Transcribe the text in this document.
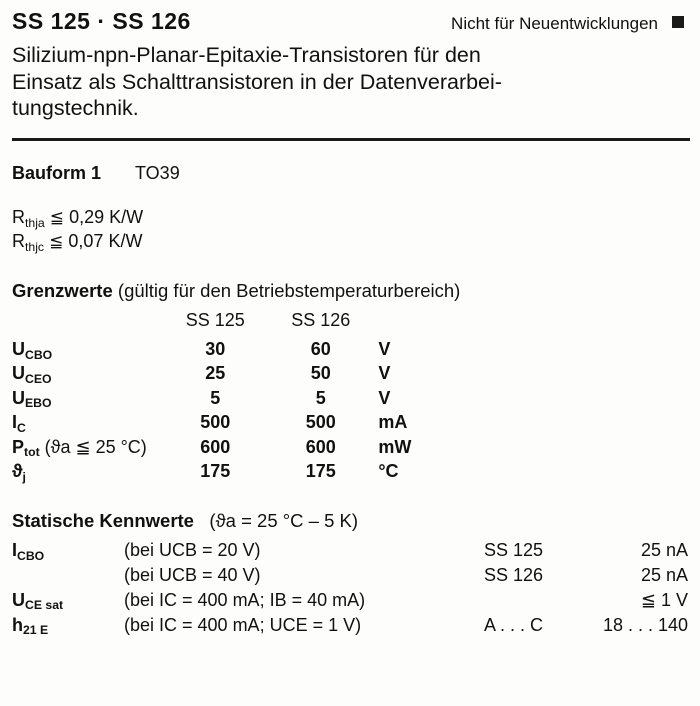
SS 125 · SS 126	Nicht für Neuentwicklungen
Silizium-npn-Planar-Epitaxie-Transistoren für den
Einsatz als Schalttransistoren in der Datenverarbei-
tungstechnik.
Bauform 1 TO39
$R_{thja}$ ≦ 0,29 K/W
$R_{thjc}$ ≦ 0,07 K/W
Grenzwerte (gültig für den Betriebstemperaturbereich)
	SS 125	SS 126	
$U_{CBO}$	30	60	V
$U_{CEO}$	25	50	V
$U_{EBO}$	5	5	V
$I_C$	500	500	mA
$P_{tot}$ (ϑa ≦ 25 °C)	600	600	mW
$ϑ_j$	175	175	°C
Statische Kennwerte (ϑa = 25 °C – 5 K)
$I_{CBO}$	(bei UCB = 20 V)	SS 125	25 nA
	(bei UCB = 40 V)	SS 126	25 nA
$U_{CE sat}$	(bei IC = 400 mA; IB = 40 mA)		≦ 1 V
$h_{21 E}$	(bei IC = 400 mA; UCE = 1 V)	A . . . C	18 . . . 140
